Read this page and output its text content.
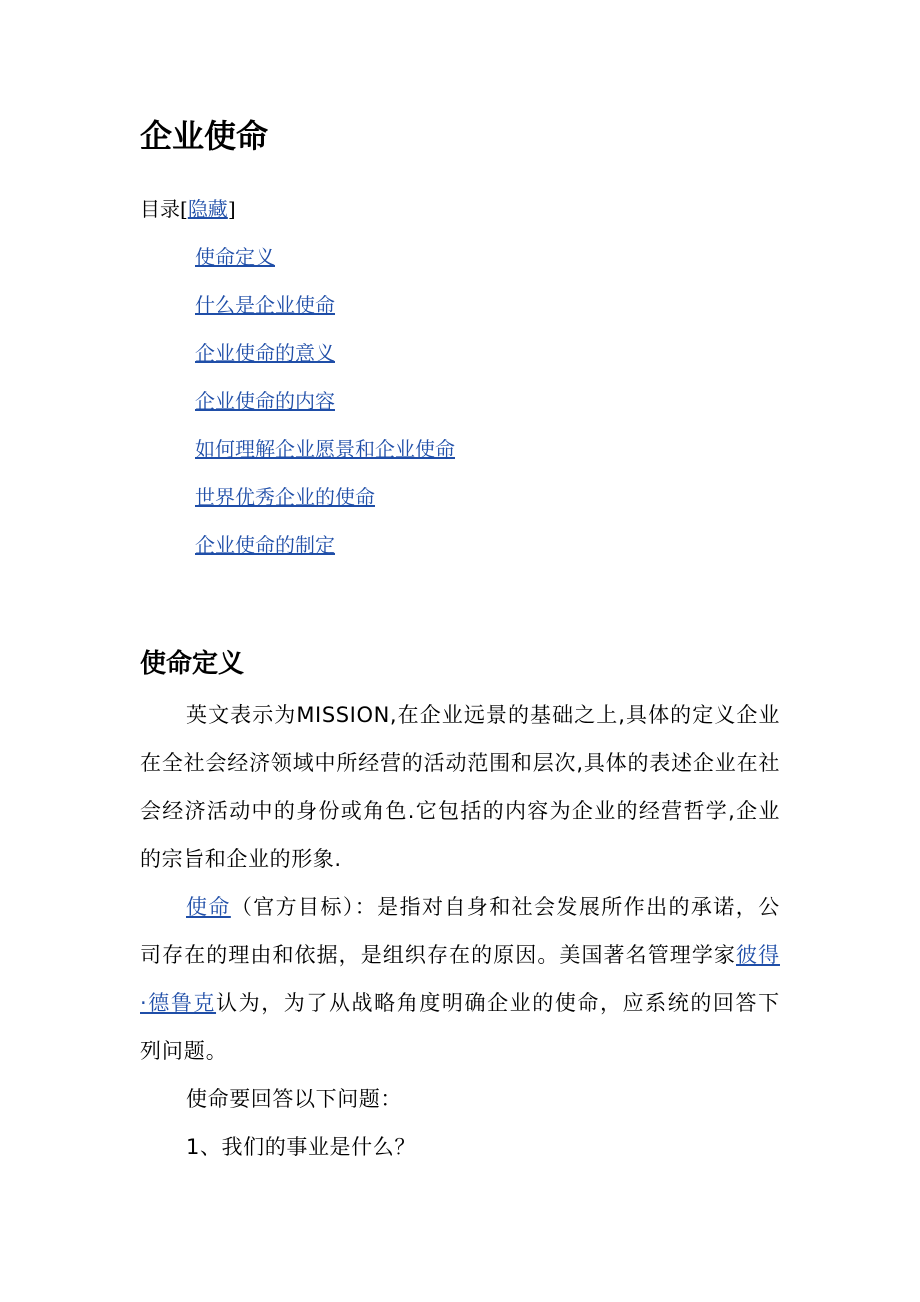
企业使命
目录[隐藏]
使命定义
什么是企业使命
企业使命的意义
企业使命的内容
如何理解企业愿景和企业使命
世界优秀企业的使命
企业使命的制定
使命定义

英文表示为MISSION,在企业远景的基础之上,具体的定义企业在全社会经济领域中所经营的活动范围和层次,具体的表述企业在社会经济活动中的身份或角色.它包括的内容为企业的经营哲学,企业的宗旨和企业的形象.

使命（官方目标）：是指对自身和社会发展所作出的承诺，公司存在的理由和依据，是组织存在的原因。美国著名管理学家彼得·德鲁克认为，为了从战略角度明确企业的使命，应系统的回答下列问题。

使命要回答以下问题：

1、我们的事业是什么？
